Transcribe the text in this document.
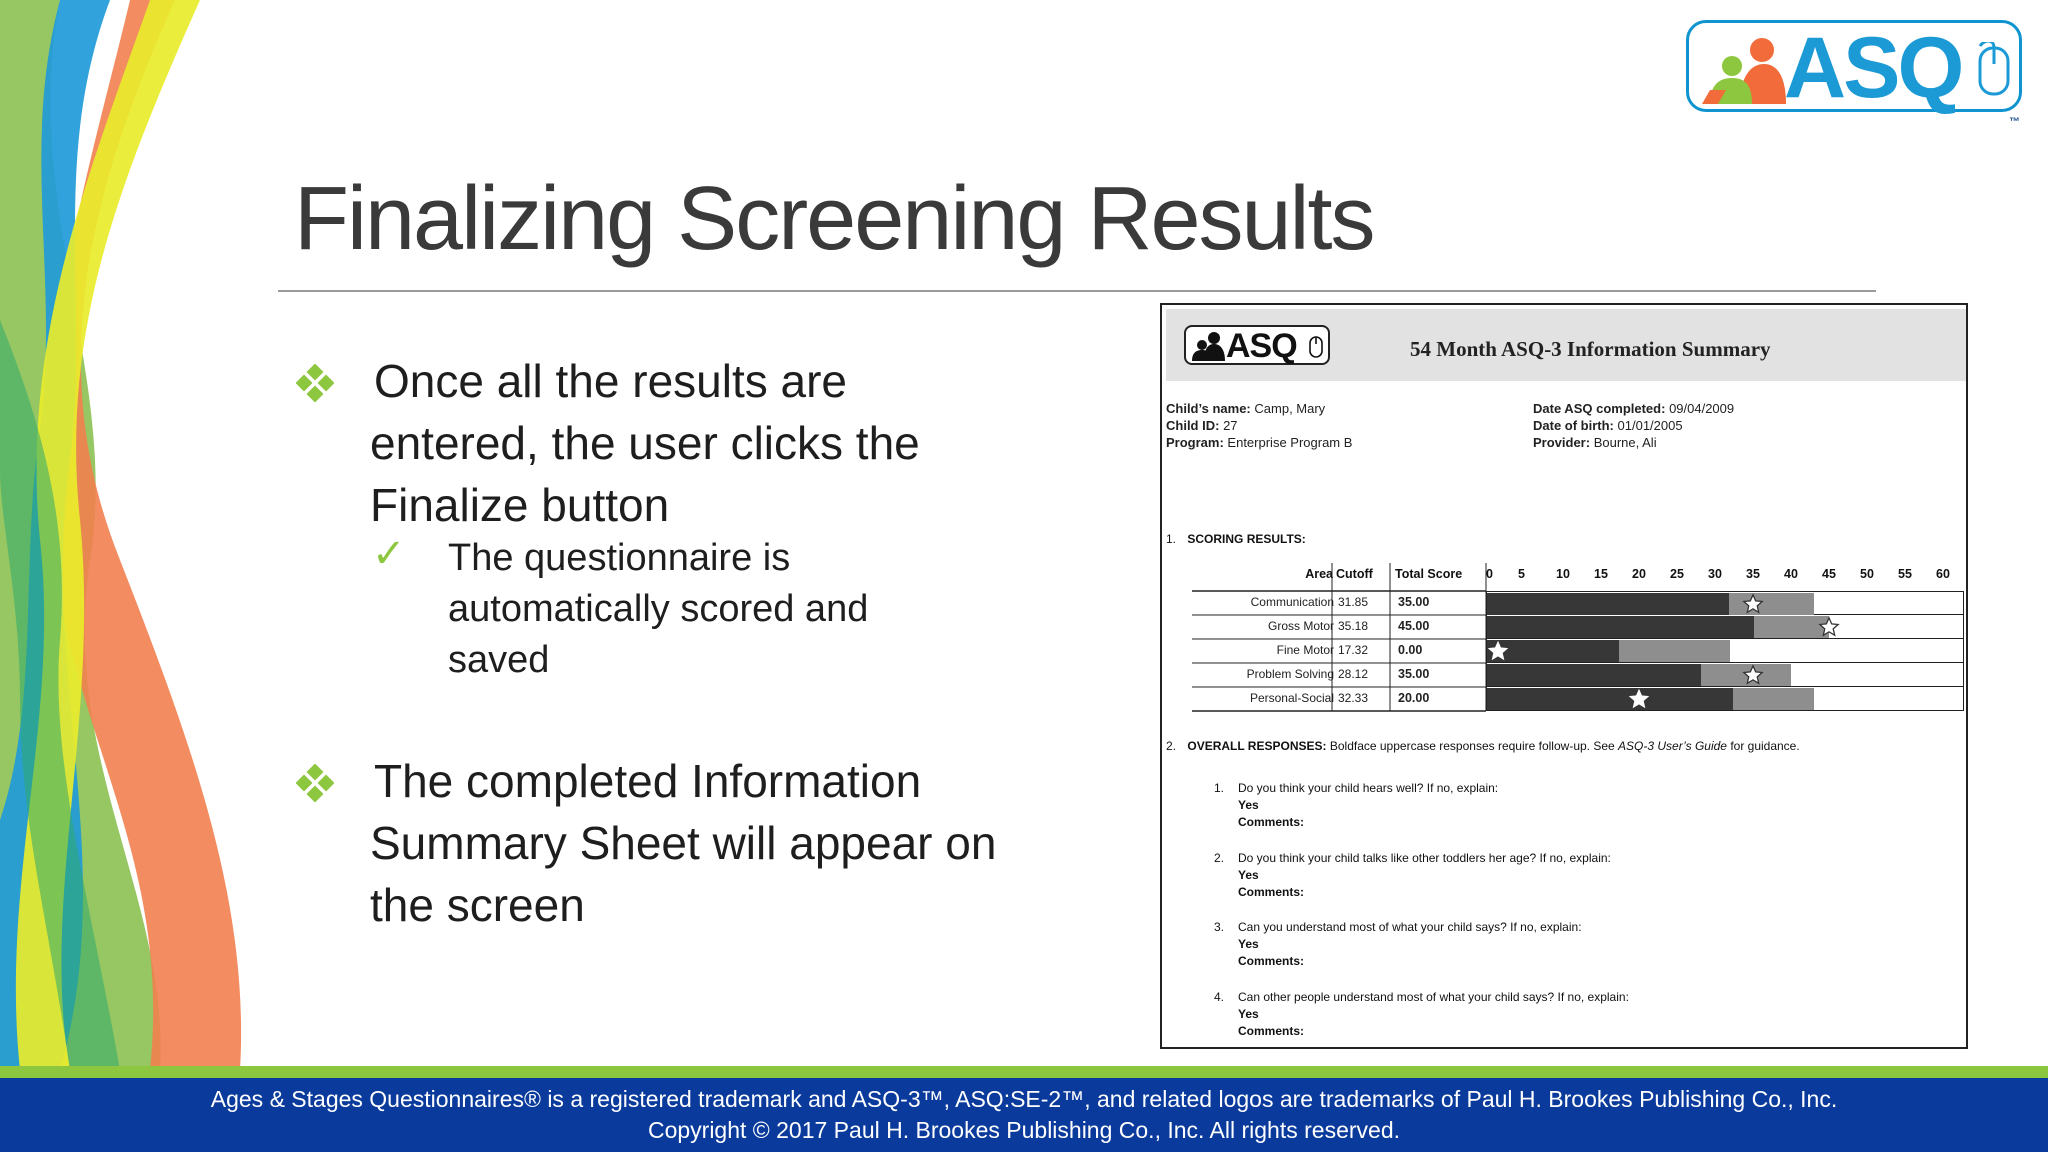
ASQ
™
Finalizing Screening Results
Once all the results are
entered, the user clicks the
Finalize button
✓ The questionnaire is
automatically scored and
saved
The completed Information
Summary Sheet will appear on
the screen
ASQ	54 Month ASQ-3 Information Summary
Child’s name: Camp, Mary
Child ID: 27
Program: Enterprise Program B
Date ASQ completed: 09/04/2009
Date of birth: 01/01/2005
Provider: Bourne, Ali
1. SCORING RESULTS:
Area Cutoff Total Score 0 5 10 15 20 25 30 35 40 45 50 55 60
Communication 31.85 35.00
Gross Motor 35.18 45.00
Fine Motor 17.32 0.00
Problem Solving 28.12 35.00
Personal-Social 32.33 20.00
2. OVERALL RESPONSES: Boldface uppercase responses require follow-up. See ASQ-3 User’s Guide for guidance.
1. Do you think your child hears well? If no, explain:
Yes
Comments:
2. Do you think your child talks like other toddlers her age? If no, explain:
Yes
Comments:
3. Can you understand most of what your child says? If no, explain:
Yes
Comments:
4. Can other people understand most of what your child says? If no, explain:
Yes
Comments:
Ages & Stages Questionnaires® is a registered trademark and ASQ-3™, ASQ:SE-2™, and related logos are trademarks of Paul H. Brookes Publishing Co., Inc.
Copyright © 2017 Paul H. Brookes Publishing Co., Inc. All rights reserved.
